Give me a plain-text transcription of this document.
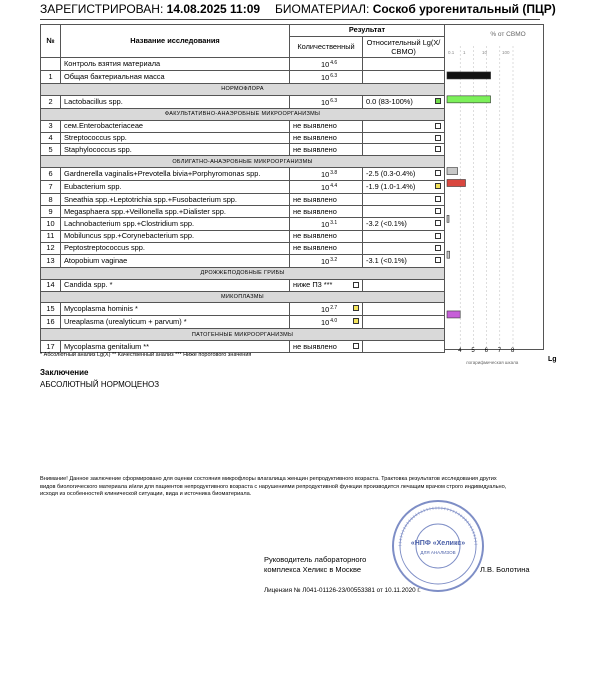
ЗАРЕГИСТРИРОВАН: 14.08.2025 11:09 БИОМАТЕРИАЛ: Соскоб урогенитальный (ПЦР)
№	Название исследования	Результат	
		Количественный	Относительный Lg(X/СВМО)
	Контроль взятия материала	$10^{4.6}$	
1	Общая бактериальная масса	$10^{6.3}$	
НОРМОФЛОРА			
2	Lactobacillus spp.	$10^{6.3}$	0.0 (83-100%)

ФАКУЛЬТАТИВНО-АНАЭРОБНЫЕ МИКРООРГАНИЗМЫ			
3	сем.Enterobacteriaceae	не выявлено	

4	Streptococcus spp.	не выявлено	

5	Staphylococcus spp.	не выявлено	

ОБЛИГАТНО-АНАЭРОБНЫЕ МИКРООРГАНИЗМЫ			
6	Gardnerella vaginalis+Prevotella bivia+Porphyromonas spp.	$10^{3.8}$	-2.5 (0.3-0.4%)

7	Eubacterium spp.	$10^{4.4}$	-1.9 (1.0-1.4%)

8	Sneathia spp.+Leptotrichia spp.+Fusobacterium spp.	не выявлено	

9	Megasphaera spp.+Veillonella spp.+Dialister spp.	не выявлено	

10	Lachnobacterium spp.+Clostridium spp.	$10^{3.1}$	-3.2 (<0.1%)

11	Mobiluncus spp.+Corynebacterium spp.	не выявлено	

12	Peptostreptococcus spp.	не выявлено	

13	Atopobium vaginae	$10^{3.2}$	-3.1 (<0.1%)

ДРОЖЖЕПОДОБНЫЕ ГРИБЫ			
14	Candida spp. *	ниже П3 ***

МИКОПЛАЗМЫ			
15	Mycoplasma hominis *	$10^{2.7}$

16	Ureaplasma (urealyticum + parvum) *	$10^{4.0}$

ПАТОГЕННЫЕ МИКРООРГАНИЗМЫ			
17	Mycoplasma genitalium **	не выявлено

% от СВМО
0.1 1	10	100
логарифмическая шкала
4 5 6 7 8
Lg
* Абсолютный анализ Lg(X) ** Качественный анализ *** Ниже порогового значения
Заключение
АБСОЛЮТНЫЙ НОРМОЦЕНОЗ
Внимание! Данное заключение сформировано для оценки состояния микрофлоры влагалища женщин репродуктивного возраста. Трактовка результатов исследования других видов биологического материала и/или для пациентов непродуктивного возраста с нарушениями репродуктивной функции производится лечащим врачом строго индивидуально, исходя из особенностей клинической ситуации, вида и источника биоматериала.
Руководитель лабораторного
комплекса Хеликс в Москве	Л.В. Болотина
Лицензия № Л041-01126-23/00553381 от 10.11.2020 г.
«НПФ «Хеликс»
ДЛЯ АНАЛИЗОВ
